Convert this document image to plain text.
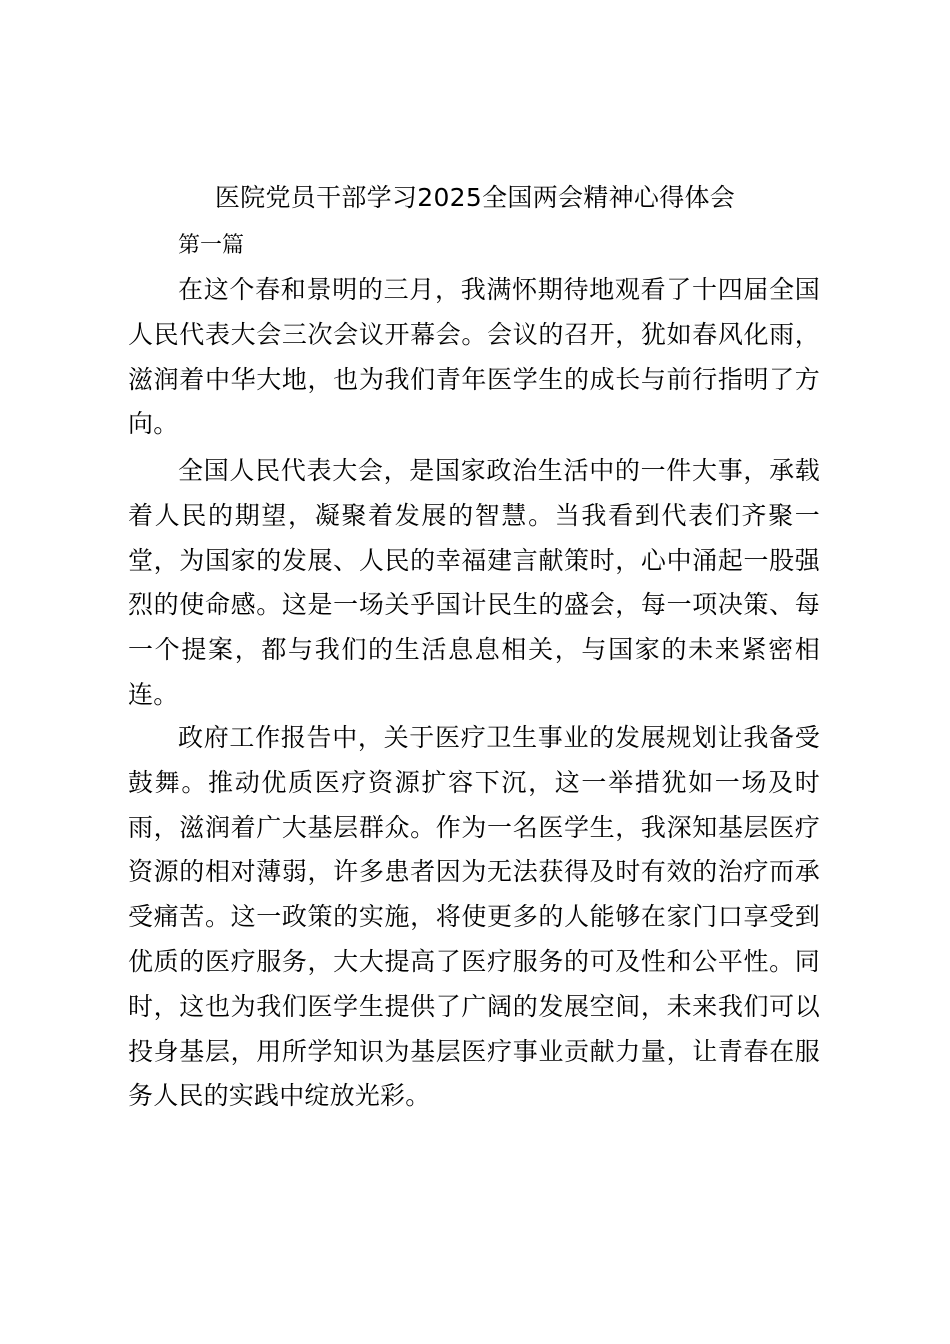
医院党员干部学习2025全国两会精神心得体会
第一篇

在这个春和景明的三月，我满怀期待地观看了十四届全国人民代表大会三次会议开幕会。会议的召开，犹如春风化雨，滋润着中华大地，也为我们青年医学生的成长与前行指明了方向。

全国人民代表大会，是国家政治生活中的一件大事，承载着人民的期望，凝聚着发展的智慧。当我看到代表们齐聚一堂，为国家的发展、人民的幸福建言献策时，心中涌起一股强烈的使命感。这是一场关乎国计民生的盛会，每一项决策、每一个提案，都与我们的生活息息相关，与国家的未来紧密相连。

政府工作报告中，关于医疗卫生事业的发展规划让我备受鼓舞。推动优质医疗资源扩容下沉，这一举措犹如一场及时雨，滋润着广大基层群众。作为一名医学生，我深知基层医疗资源的相对薄弱，许多患者因为无法获得及时有效的治疗而承受痛苦。这一政策的实施，将使更多的人能够在家门口享受到优质的医疗服务，大大提高了医疗服务的可及性和公平性。同时，这也为我们医学生提供了广阔的发展空间，未来我们可以投身基层，用所学知识为基层医疗事业贡献力量，让青春在服务人民的实践中绽放光彩。
